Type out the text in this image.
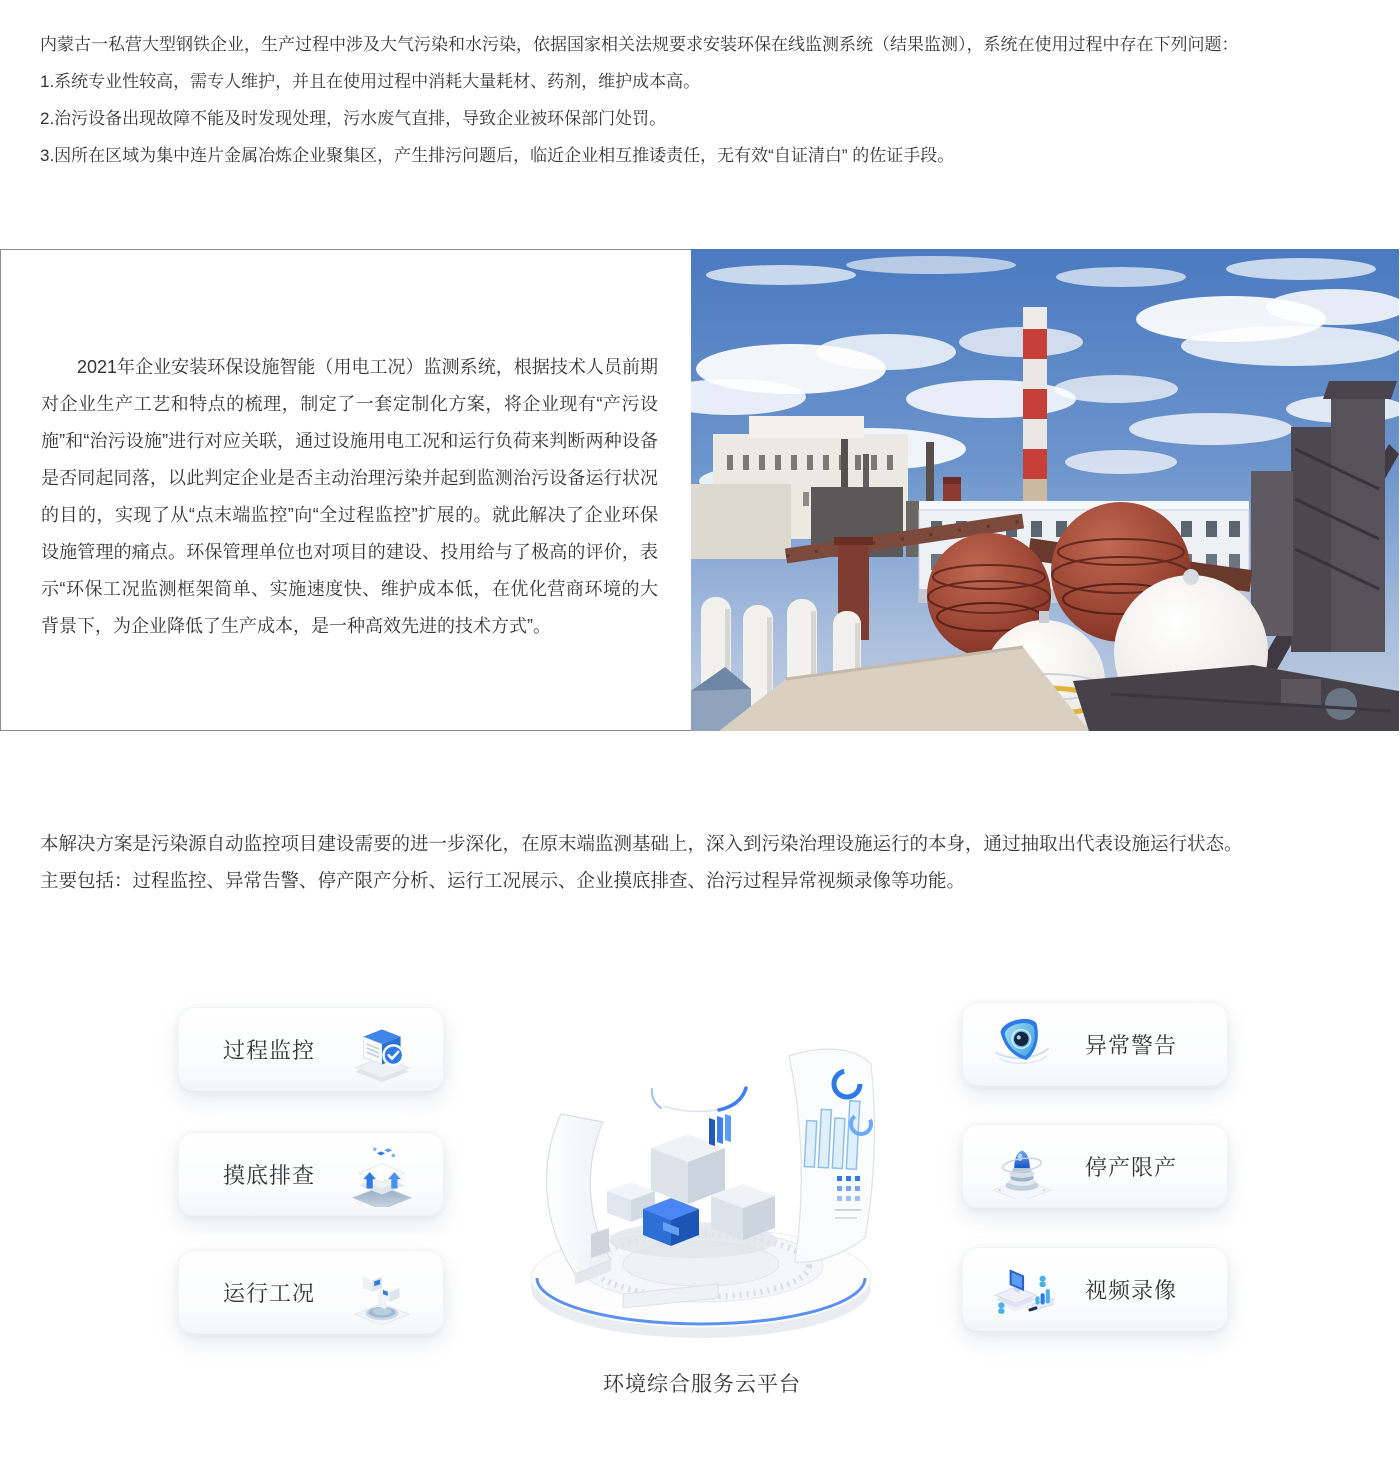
内蒙古一私营大型钢铁企业，生产过程中涉及大气污染和水污染，依据国家相关法规要求安装环保在线监测系统（结果监测），系统在使用过程中存在下列问题：

1.系统专业性较高，需专人维护，并且在使用过程中消耗大量耗材、药剂，维护成本高。

2.治污设备出现故障不能及时发现处理，污水废气直排，导致企业被环保部门处罚。

3.因所在区域为集中连片金属冶炼企业聚集区，产生排污问题后，临近企业相互推诿责任，无有效“自证清白” 的佐证手段。

2021年企业安装环保设施智能（用电工况）监测系统，根据技术人员前期对企业生产工艺和特点的梳理，制定了一套定制化方案，将企业现有“产污设施”和“治污设施”进行对应关联，通过设施用电工况和运行负荷来判断两种设备是否同起同落，以此判定企业是否主动治理污染并起到监测治污设备运行状况的目的，实现了从“点末端监控”向“全过程监控”扩展的。就此解决了企业环保设施管理的痛点。环保管理单位也对项目的建设、投用给与了极高的评价，表示“环保工况监测框架简单、实施速度快、维护成本低，在优化营商环境的大背景下，为企业降低了生产成本，是一种高效先进的技术方式”。

本解决方案是污染源自动监控项目建设需要的进一步深化，在原末端监测基础上，深入到污染治理设施运行的本身，通过抽取出代表设施运行状态。

主要包括：过程监控、异常告警、停产限产分析、运行工况展示、企业摸底排查、治污过程异常视频录像等功能。

过程监控
摸底排查
运行工况
异常警告
停产限产
视频录像
环境综合服务云平台
